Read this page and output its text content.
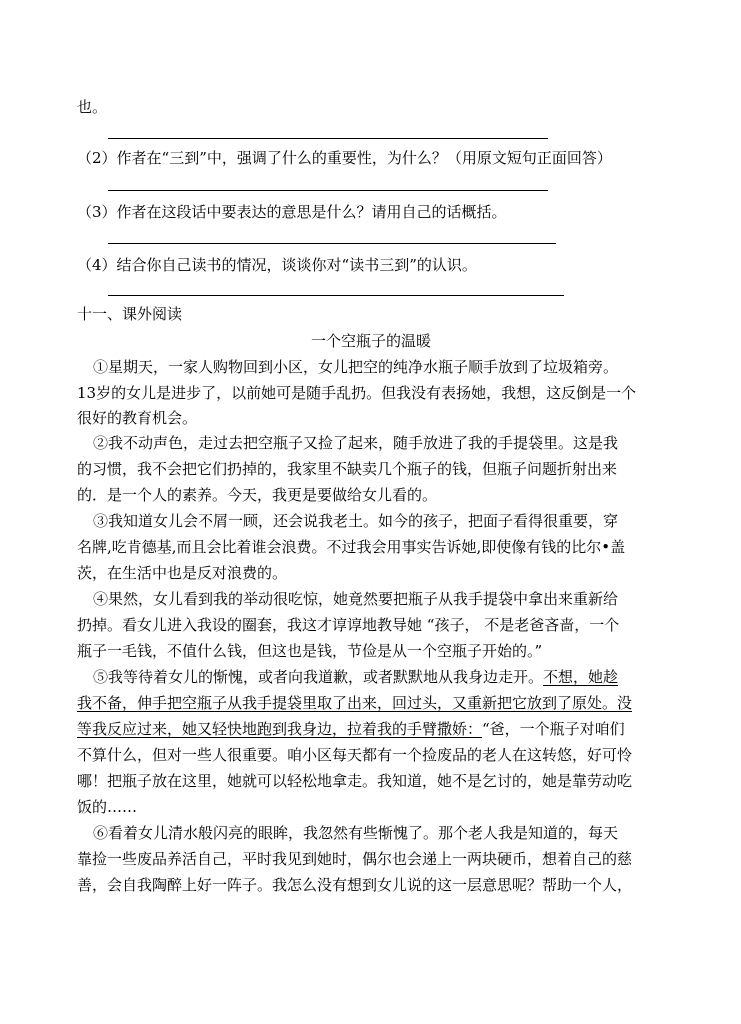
也。
（2）作者在“三到”中，强调了什么的重要性，为什么？（用原文短句正面回答）
（3）作者在这段话中要表达的意思是什么？请用自己的话概括。
（4）结合你自己读书的情况，谈谈你对“读书三到”的认识。
十一、课外阅读
一个空瓶子的温暖
①星期天，一家人购物回到小区，女儿把空的纯净水瓶子顺手放到了垃圾箱旁。
13岁的女儿是进步了，以前她可是随手乱扔。但我没有表扬她，我想，这反倒是一个
很好的教育机会。
②我不动声色，走过去把空瓶子又捡了起来，随手放进了我的手提袋里。这是我
的习惯，我不会把它们扔掉的，我家里不缺卖几个瓶子的钱，但瓶子问题折射出来
的．是一个人的素养。今天，我更是要做给女儿看的。
③我知道女儿会不屑一顾，还会说我老土。如今的孩子，把面子看得很重要，穿
名牌,吃肯德基,而且会比着谁会浪费。不过我会用事实告诉她,即使像有钱的比尔•盖
茨，在生活中也是反对浪费的。
④果然，女儿看到我的举动很吃惊，她竟然要把瓶子从我手提袋中拿出来重新给
扔掉。看女儿进入我设的圈套，我这才谆谆地教导她 “孩子， 不是老爸吝啬，一个
瓶子一毛钱，不值什么钱，但这也是钱，节俭是从一个空瓶子开始的。”
⑤我等待着女儿的惭愧，或者向我道歉，或者默默地从我身边走开。不想，她趁
我不备，伸手把空瓶子从我手提袋里取了出来，回过头，又重新把它放到了原处。没
等我反应过来，她又轻快地跑到我身边，拉着我的手臂撒娇：“爸，一个瓶子对咱们
不算什么，但对一些人很重要。咱小区每天都有一个捡废品的老人在这转悠，好可怜
哪！把瓶子放在这里，她就可以轻松地拿走。我知道，她不是乞讨的，她是靠劳动吃
饭的……
⑥看着女儿清水般闪亮的眼眸，我忽然有些惭愧了。那个老人我是知道的，每天
靠捡一些废品养活自己，平时我见到她时，偶尔也会递上一两块硬币，想着自己的慈
善，会自我陶醉上好一阵子。我怎么没有想到女儿说的这一层意思呢？帮助一个人，
